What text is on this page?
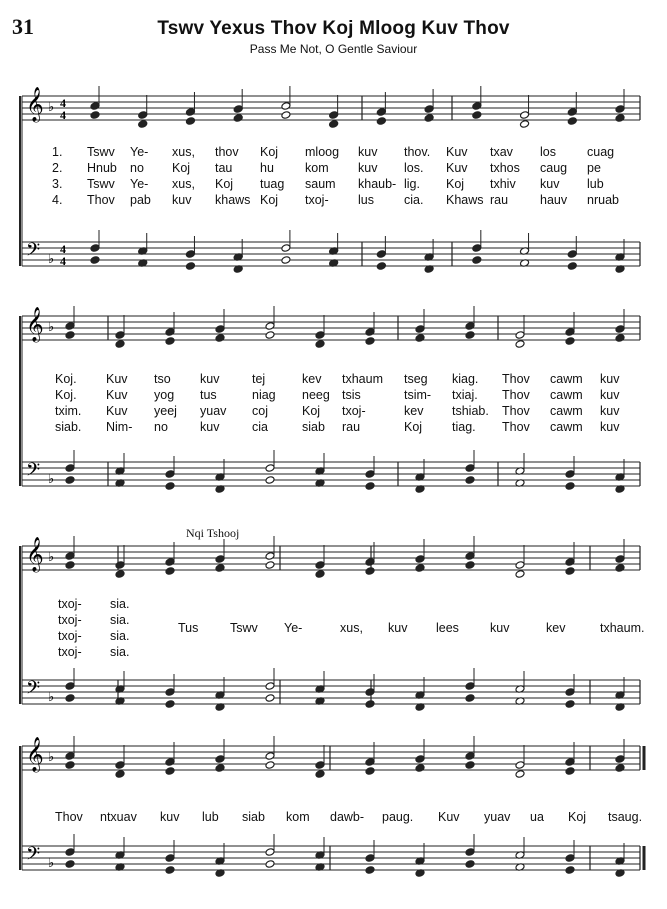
31	Tswv Yexus Thov Koj Mloog Kuv Thov
Pass Me Not, O Gentle Saviour
𝄞
𝄢
♭
♭
4
4
4
4
𝄞
𝄢
♭
♭
𝄞
𝄢
♭
♭
𝄞
𝄢
♭
♭
1. Tswv Ye- xus, thov Koj mloog kuv thov. Kuv txav los cuag
2. Hnub no Koj tau hu kom kuv los. Kuv txhos caug pe
3. Tswv Ye- xus, Koj tuag saum khaub- lig. Koj txhiv kuv lub
4. Thov pab kuv khaws Koj txoj- lus cia. Khaws rau	hauv nruab
Koj. Kuv tso kuv	tej	kev txhaum tseg kiag. Thov cawm kuv
Koj. Kuv yog tus	niag neeg tsis	tsim- txiaj. Thov cawm kuv
txim. Kuv yeej yuav coj	Koj txoj-	kev tshiab. Thov cawm kuv
siab. Nim- no	kuv	cia	siab rau	Koj tiag. Thov cawm kuv
txoj- sia.
txoj- sia.
txoj- sia.
txoj- sia.
Tus	Tswv Ye-	xus, kuv lees kuv	kev	txhaum.
Thov ntxuav kuv lub siab kom dawb- paug. Kuv yuav ua Koj tsaug.
Nqi Tshooj
